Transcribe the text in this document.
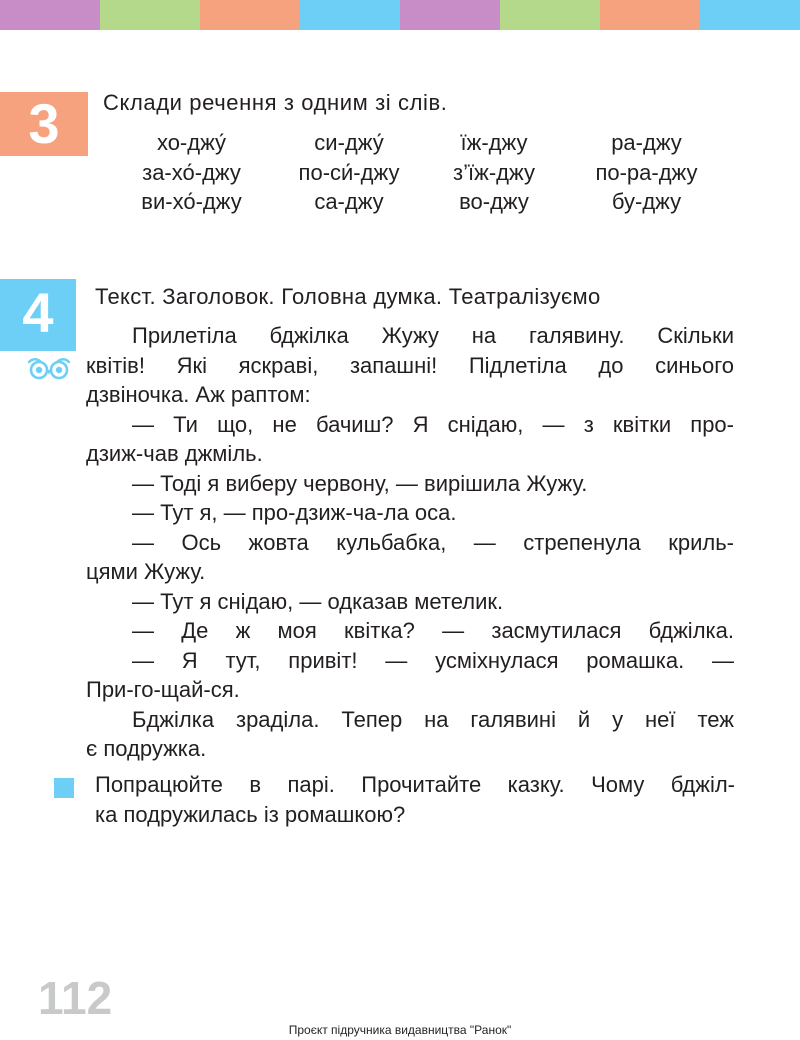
3	Склади речення з одним зі слів.
хо-джу́	си-джу́	їж-джу	ра-джу
за-хо́-джу	по-си́-джу	з’їж-джу	по-ра-джу
ви-хо́-джу	са-джу	во-джу	бу-джу
4	Текст. Заголовок. Головна думка. Театралізуємо
Прилетіла бджілка Жужу на галявину. Скільки
квітів! Які яскраві, запашні! Підлетіла до синього
дзвіночка. Аж раптом:
— Ти що, не бачиш? Я снідаю, — з квітки про-
дзиж-чав джміль.
— Тоді я виберу червону, — вирішила Жужу.
— Тут я, — про-дзиж-ча-ла оса.
— Ось жовта кульбабка, — стрепенула криль-
цями Жужу.
— Тут я снідаю, — одказав метелик.
— Де ж моя квітка? — засмутилася бджілка.
— Я тут, привіт! — усміхнулася ромашка. —
При-го-щай-ся.
Бджілка зраділа. Тепер на галявині й у неї теж
є подружка.
Попрацюйте в парі. Прочитайте казку. Чому бджіл-
ка подружилась із ромашкою?
112
Проєкт підручника видавництва "Ранок"
